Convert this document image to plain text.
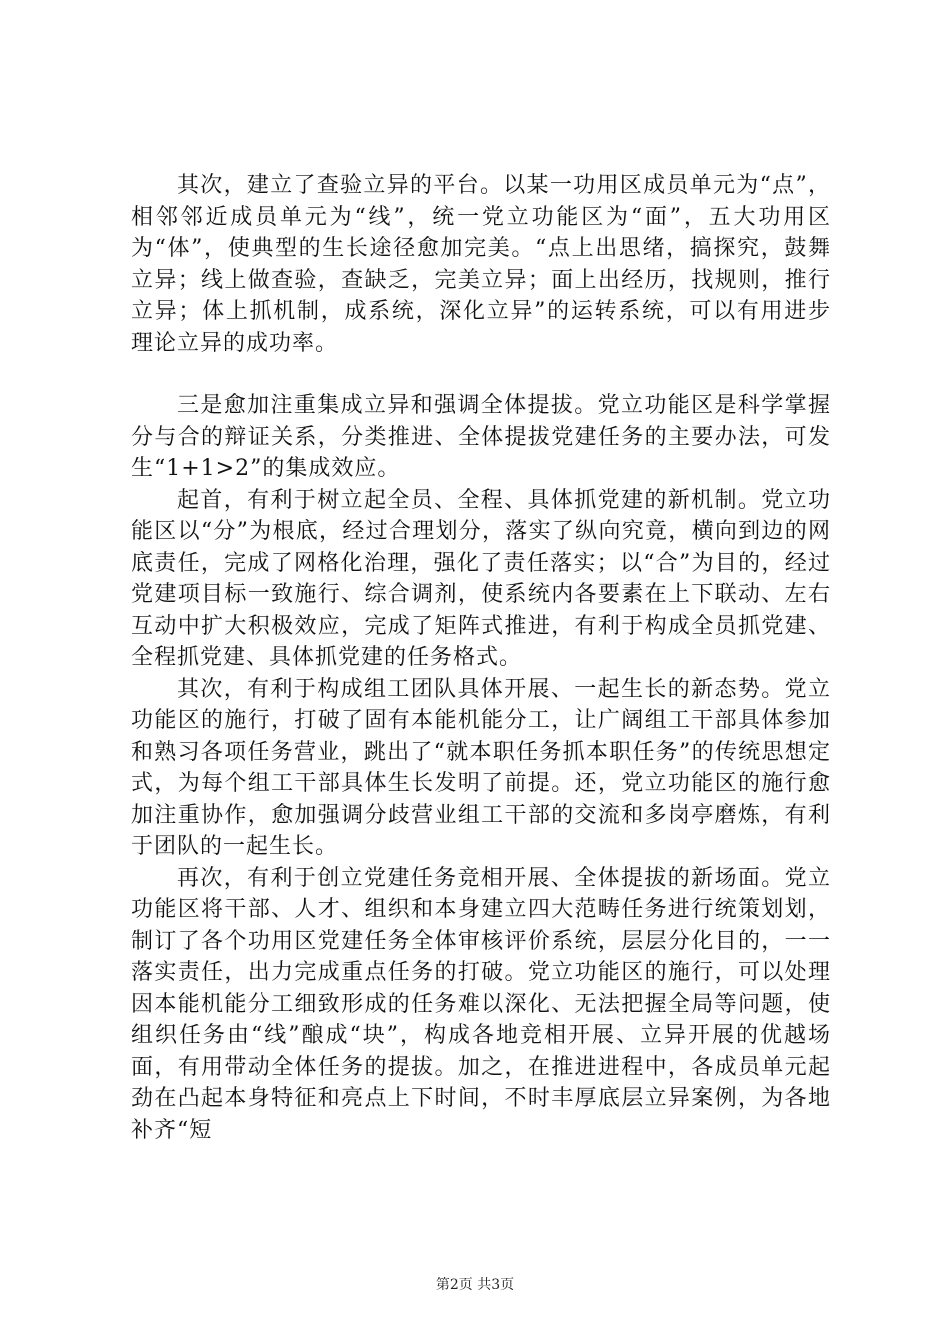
其次，建立了查验立异的平台。以某一功用区成员单元为“点”，相邻邻近成员单元为“线”，统一党立功能区为“面”，五大功用区为“体”，使典型的生长途径愈加完美。“点上出思绪，搞探究，鼓舞立异；线上做查验，查缺乏，完美立异；面上出经历，找规则，推行立异；体上抓机制，成系统，深化立异”的运转系统，可以有用进步理论立异的成功率。

三是愈加注重集成立异和强调全体提拔。党立功能区是科学掌握分与合的辩证关系，分类推进、全体提拔党建任务的主要办法，可发生“1+1>2”的集成效应。

起首，有利于树立起全员、全程、具体抓党建的新机制。党立功能区以“分”为根底，经过合理划分，落实了纵向究竟，横向到边的网底责任，完成了网格化治理，强化了责任落实；以“合”为目的，经过党建项目标一致施行、综合调剂，使系统内各要素在上下联动、左右互动中扩大积极效应，完成了矩阵式推进，有利于构成全员抓党建、全程抓党建、具体抓党建的任务格式。

其次，有利于构成组工团队具体开展、一起生长的新态势。党立功能区的施行，打破了固有本能机能分工，让广阔组工干部具体参加和熟习各项任务营业，跳出了“就本职任务抓本职任务”的传统思想定式，为每个组工干部具体生长发明了前提。还，党立功能区的施行愈加注重协作，愈加强调分歧营业组工干部的交流和多岗亭磨炼，有利于团队的一起生长。

再次，有利于创立党建任务竞相开展、全体提拔的新场面。党立功能区将干部、人才、组织和本身建立四大范畴任务进行统策划划，制订了各个功用区党建任务全体审核评价系统，层层分化目的，一一落实责任，出力完成重点任务的打破。党立功能区的施行，可以处理因本能机能分工细致形成的任务难以深化、无法把握全局等问题，使组织任务由“线”酿成“块”，构成各地竞相开展、立异开展的优越场面，有用带动全体任务的提拔。加之，在推进进程中，各成员单元起劲在凸起本身特征和亮点上下时间，不时丰厚底层立异案例，为各地补齐“短

第2页 共3页
